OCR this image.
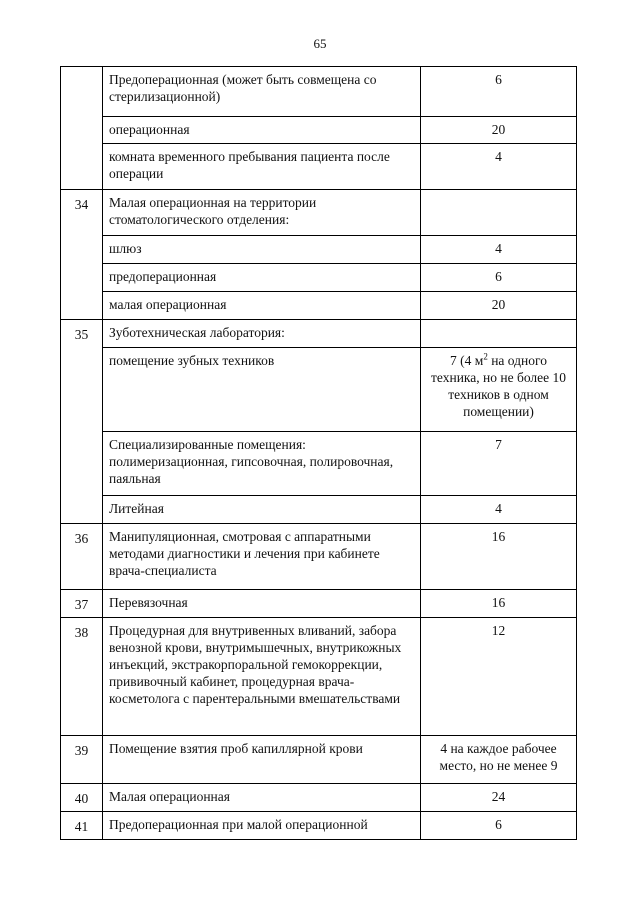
65
	Предоперационная (может быть совмещена со стерилизационной)	6
	операционная	20
	комната временного пребывания пациента после операции	4
34	Малая операционная на территории стоматологического отделения:	
	шлюз	4
	предоперационная	6
	малая операционная	20
35	Зуботехническая лаборатория:	
	помещение зубных техников	7 (4 $м^2$ на одного техника, но не более 10 техников в одном помещении)
	Специализированные помещения: полимеризационная, гипсовочная, полировочная, паяльная	7
	Литейная	4
36	Манипуляционная, смотровая с аппаратными методами диагностики и лечения при кабинете врача-специалиста	16
37	Перевязочная	16
38	Процедурная для внутривенных вливаний, забора венозной крови, внутримышечных, внутрикожных инъекций, экстракорпоральной гемокоррекции, прививочный кабинет, процедурная врача-косметолога с парентеральными вмешательствами	12
39	Помещение взятия проб капиллярной крови	4 на каждое рабочее место, но не менее 9
40	Малая операционная	24
41	Предоперационная при малой операционной	6
